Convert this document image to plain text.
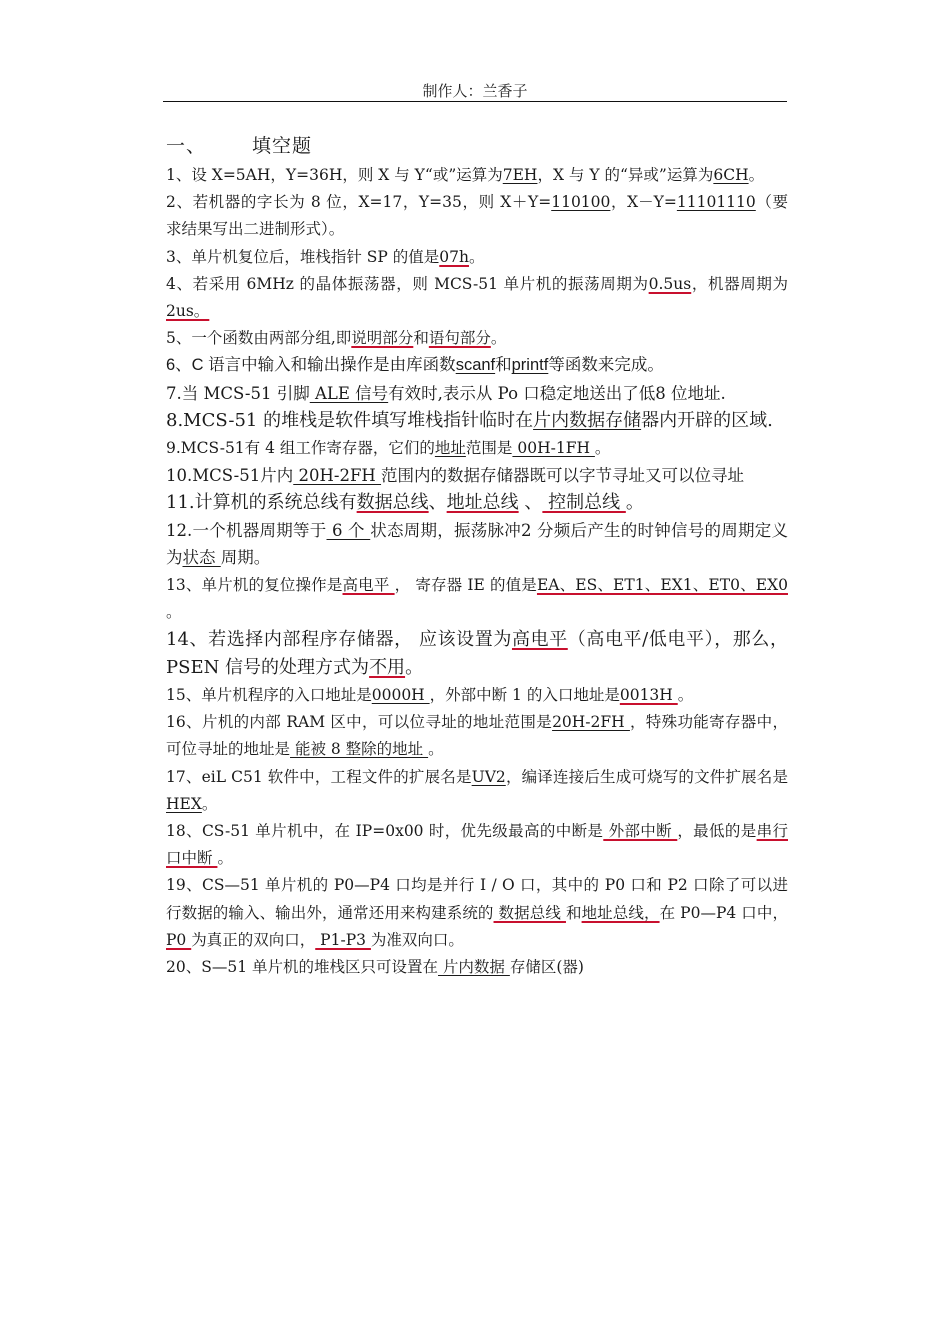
制作人：兰香子
一、 填空题

1、设 X=5AH，Y=36H，则 X 与 Y“或”运算为7EH，X 与 Y 的“异或”运算为6CH。

2、若机器的字长为 8 位，X=17，Y=35，则 X＋Y=110100，X－Y=11101110（要求结果写出二进制形式）。

3、单片机复位后，堆栈指针 SP 的值是07h。

4、若采用 6MHz 的晶体振荡器，则 MCS-51 单片机的振荡周期为0.5us，机器周期为2us。

5、一个函数由两部分组,即说明部分和语句部分。

6、C 语言中输入和输出操作是由库函数scanf和printf等函数来完成。

7.当 MCS-51 引脚 ALE 信号有效时,表示从 Po 口稳定地送出了低8 位地址.

8.MCS-51 的堆栈是软件填写堆栈指针临时在片内数据存储器内开辟的区域.

9.MCS-51有 4 组工作寄存器，它们的地址范围是 00H-1FH 。

10.MCS-51片内 20H-2FH 范围内的数据存储器既可以字节寻址又可以位寻址

11.计算机的系统总线有数据总线、地址总线 、 控制总线 。

12.一个机器周期等于 6 个 状态周期，振荡脉冲2 分频后产生的时钟信号的周期定义为状态 周期。

13、单片机的复位操作是高电平 ， 寄存器 IE 的值是EA、ES、ET1、EX1、ET0、EX0 。

14、若选择内部程序存储器， 应该设置为高电平（高电平/低电平），那么，PSEN 信号的处理方式为不用。

15、单片机程序的入口地址是0000H ，外部中断 1 的入口地址是0013H 。

16、片机的内部 RAM 区中，可以位寻址的地址范围是20H-2FH ，特殊功能寄存器中，可位寻址的地址是 能被 8 整除的地址 。

17、eiL C51 软件中，工程文件的扩展名是UV2，编译连接后生成可烧写的文件扩展名是HEX。

18、CS-51 单片机中，在 IP=0x00 时，优先级最高的中断是 外部中断 ，最低的是串行口中断 。

19、CS—51 单片机的 P0—P4 口均是并行 I / O 口，其中的 P0 口和 P2 口除了可以进行数据的输入、输出外，通常还用来构建系统的 数据总线 和地址总线，在 P0—P4 口中， P0 为真正的双向口， P1-P3 为准双向口。

20、S—51 单片机的堆栈区只可设置在 片内数据 存储区(器)
